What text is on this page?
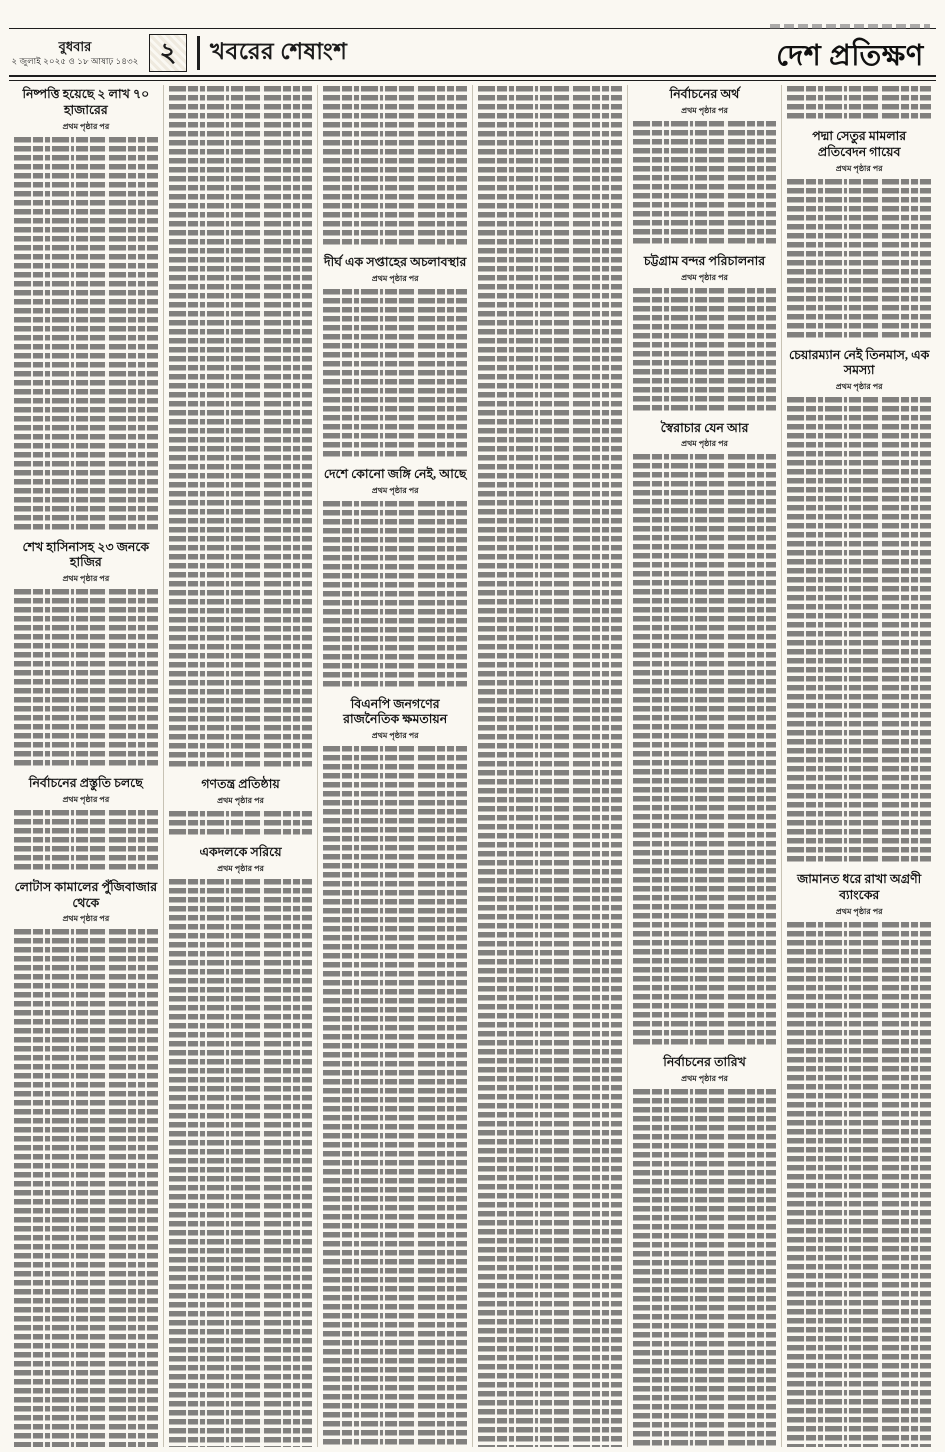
বুধবার
২ জুলাই ২০২৫ ও ১৮ আষাঢ় ১৪৩২ ২ খবরের শেষাংশ	দেশ প্রতিক্ষণ
নিষ্পত্তি হয়েছে ২ লাখ ৭০ হাজারের
প্রথম পৃষ্ঠার পর
শেখ হাসিনাসহ ২৩ জনকে হাজির
প্রথম পৃষ্ঠার পর
নির্বাচনের প্রস্তুতি চলছে
প্রথম পৃষ্ঠার পর
লোটাস কামালের পুঁজিবাজার থেকে
প্রথম পৃষ্ঠার পর
গণতন্ত্র প্রতিষ্ঠায়
প্রথম পৃষ্ঠার পর
একদলকে সরিয়ে
প্রথম পৃষ্ঠার পর
দীর্ঘ এক সপ্তাহের অচলাবস্থার
প্রথম পৃষ্ঠার পর
দেশে কোনো জঙ্গি নেই, আছে
প্রথম পৃষ্ঠার পর
বিএনপি জনগণের রাজনৈতিক ক্ষমতায়ন
প্রথম পৃষ্ঠার পর
নির্বাচনের অর্থ
প্রথম পৃষ্ঠার পর
চট্টগ্রাম বন্দর পরিচালনার
প্রথম পৃষ্ঠার পর
স্বৈরাচার যেন আর
প্রথম পৃষ্ঠার পর
নির্বাচনের তারিখ
প্রথম পৃষ্ঠার পর
পদ্মা সেতুর মামলার প্রতিবেদন গায়েব
প্রথম পৃষ্ঠার পর
চেয়ারম্যান নেই তিনমাস, এক সমস্যা
প্রথম পৃষ্ঠার পর
জামানত ধরে রাখা অগ্রণী ব্যাংকের
প্রথম পৃষ্ঠার পর
